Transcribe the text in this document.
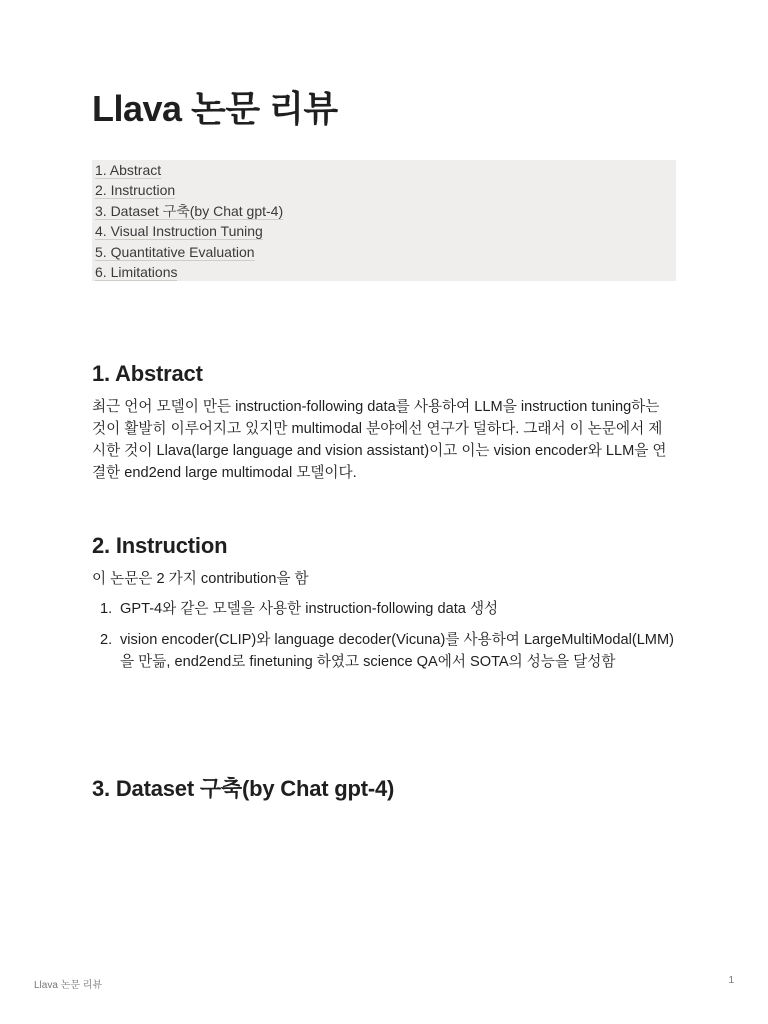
Llava 논문 리뷰
1. Abstract
2. Instruction
3. Dataset 구축(by Chat gpt-4)
4. Visual Instruction Tuning
5. Quantitative Evaluation
6. Limitations
1. Abstract

최근 언어 모델이 만든 instruction-following data를 사용하여 LLM을 instruction tuning하는 것이 활발히 이루어지고 있지만 multimodal 분야에선 연구가 덜하다. 그래서 이 논문에서 제시한 것이 Llava(large language and vision assistant)이고 이는 vision encoder와 LLM을 연결한 end2end large multimodal 모델이다.

2. Instruction

이 논문은 2 가지 contribution을 함

1. GPT-4와 같은 모델을 사용한 instruction-following data 생성
2. vision encoder(CLIP)와 language decoder(Vicuna)를 사용하여 LargeMultiModal(LMM)을 만듦, end2end로 finetuning 하였고 science QA에서 SOTA의 성능을 달성함
3. Dataset 구축(by Chat gpt-4)
Llava 논문 리뷰	1
